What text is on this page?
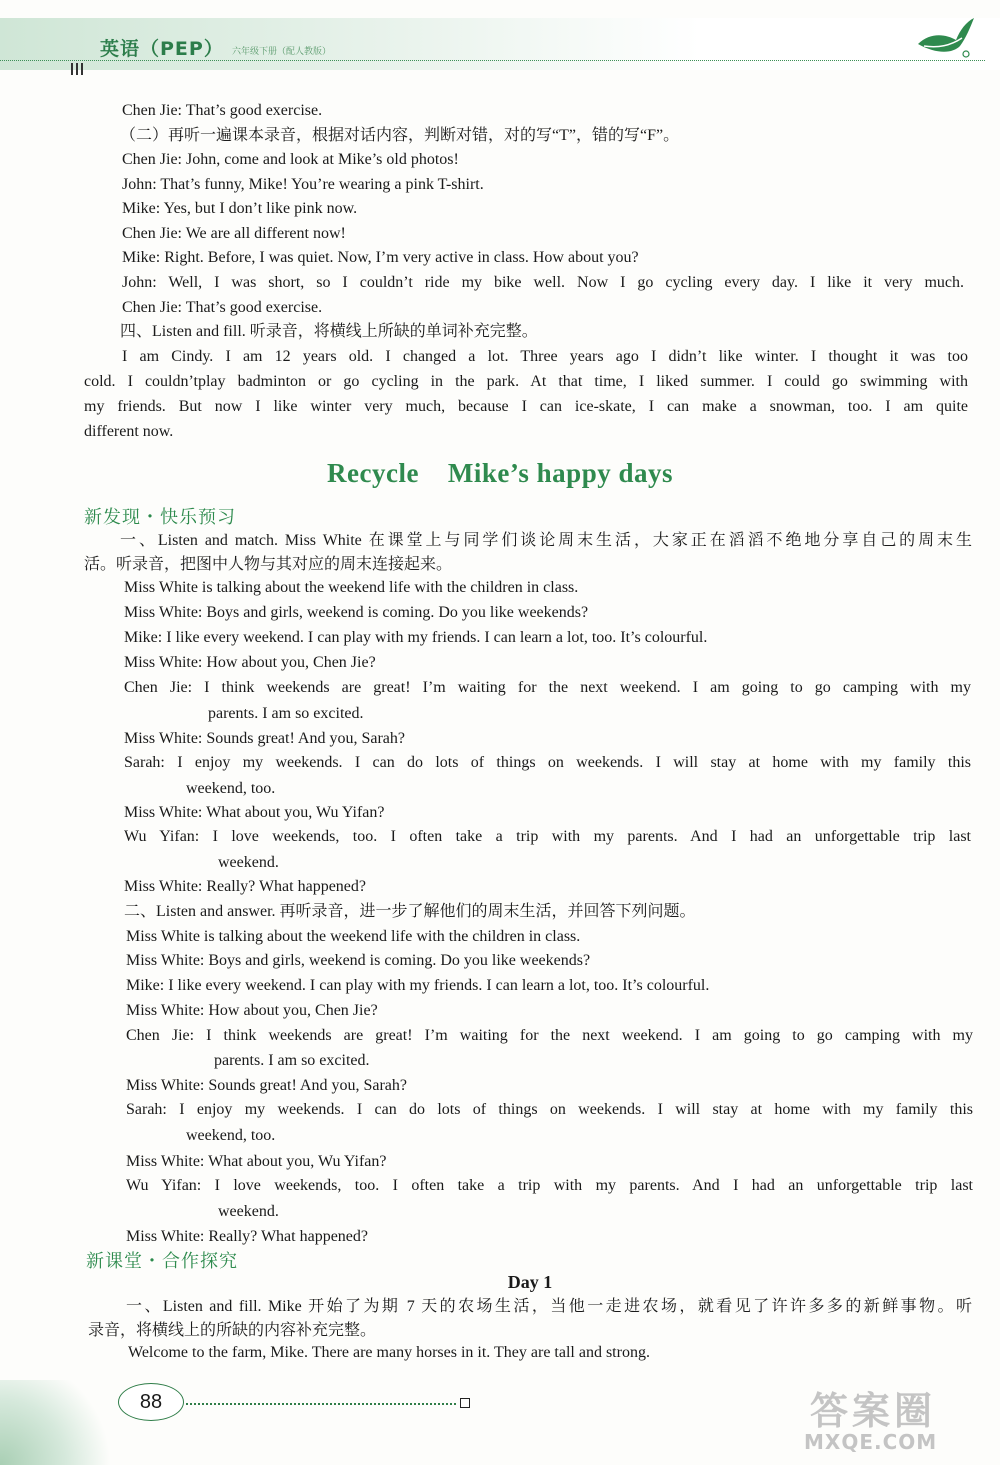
英语（PEP） 六年级下册（配人教版）
Chen Jie: That’s good exercise.
（二）再听一遍课本录音，根据对话内容，判断对错，对的写“T”，错的写“F”。
Chen Jie: John, come and look at Mike’s old photos!
John: That’s funny, Mike! You’re wearing a pink T-shirt.
Mike: Yes, but I don’t like pink now.
Chen Jie: We are all different now!
Mike: Right. Before, I was quiet. Now, I’m very active in class. How about you?
John: Well, I was short, so I couldn’t ride my bike well. Now I go cycling every day. I like it very much.
Chen Jie: That’s good exercise.
四、Listen and fill. 听录音，将横线上所缺的单词补充完整。
I am Cindy. I am 12 years old. I changed a lot. Three years ago I didn’t like winter. I thought it was too
cold. I couldn’tplay badminton or go cycling in the park. At that time, I liked summer. I could go swimming with
my friends. But now I like winter very much, because I can ice-skate, I can make a snowman, too. I am quite
different now.
Recycle    Mike’s happy days
新发现・快乐预习
一、Listen and match. Miss White 在课堂上与同学们谈论周末生活，大家正在滔滔不绝地分享自己的周末生
活。听录音，把图中人物与其对应的周末连接起来。
Miss White is talking about the weekend life with the children in class.
Miss White: Boys and girls, weekend is coming. Do you like weekends?
Mike: I like every weekend. I can play with my friends. I can learn a lot, too. It’s colourful.
Miss White: How about you, Chen Jie?
Chen Jie: I think weekends are great! I’m waiting for the next weekend. I am going to go camping with my
parents. I am so excited.
Miss White: Sounds great! And you, Sarah?
Sarah: I enjoy my weekends. I can do lots of things on weekends. I will stay at home with my family this
weekend, too.
Miss White: What about you, Wu Yifan?
Wu Yifan: I love weekends, too. I often take a trip with my parents. And I had an unforgettable trip last
weekend.
Miss White: Really? What happened?
二、Listen and answer. 再听录音，进一步了解他们的周末生活，并回答下列问题。
Miss White is talking about the weekend life with the children in class.
Miss White: Boys and girls, weekend is coming. Do you like weekends?
Mike: I like every weekend. I can play with my friends. I can learn a lot, too. It’s colourful.
Miss White: How about you, Chen Jie?
Chen Jie: I think weekends are great! I’m waiting for the next weekend. I am going to go camping with my
parents. I am so excited.
Miss White: Sounds great! And you, Sarah?
Sarah: I enjoy my weekends. I can do lots of things on weekends. I will stay at home with my family this
weekend, too.
Miss White: What about you, Wu Yifan?
Wu Yifan: I love weekends, too. I often take a trip with my parents. And I had an unforgettable trip last
weekend.
Miss White: Really? What happened?
新课堂・合作探究
Day 1
一、Listen and fill. Mike 开始了为期 7 天的农场生活，当他一走进农场，就看见了许许多多的新鲜事物。听
录音，将横线上的所缺的内容补充完整。
Welcome to the farm, Mike. There are many horses in it. They are tall and strong.
88	答案圈
MXQE.COM
